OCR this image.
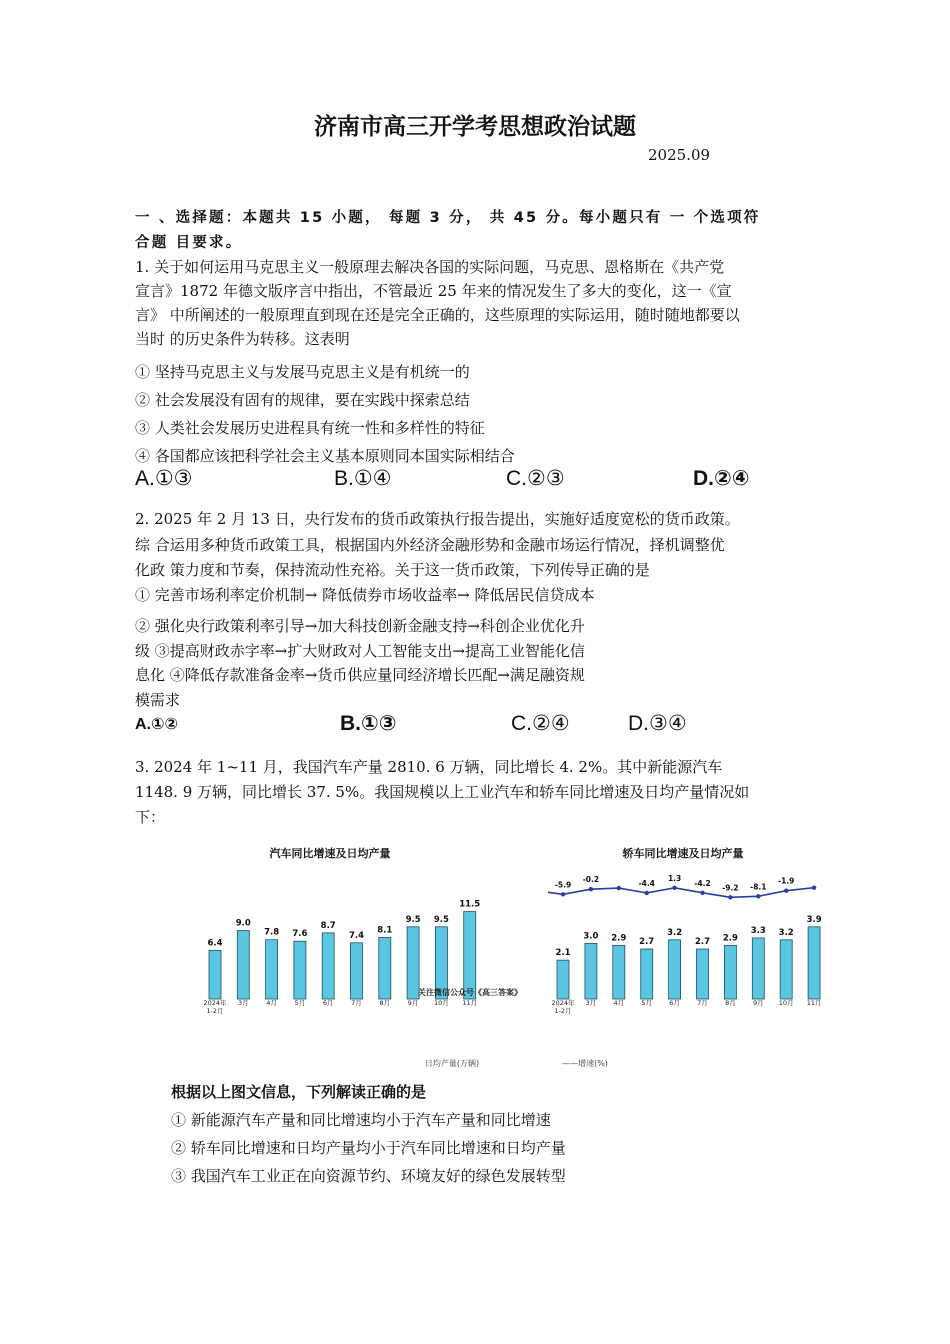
济南市高三开学考思想政治试题
2025.09
一 、选择题：本题共 15 小题， 每题 3 分， 共 45 分。每小题只有 一 个选项符
合题 目要求。
1. 关于如何运用马克思主义一般原理去解决各国的实际问题，马克思、恩格斯在《共产党
宣言》1872 年德文版序言中指出，不管最近 25 年来的情况发生了多大的变化，这一《宣
言》 中所阐述的一般原理直到现在还是完全正确的，这些原理的实际运用，随时随地都要以
当时 的历史条件为转移。这表明
① 坚持马克思主义与发展马克思主义是有机统一的
② 社会发展没有固有的规律，要在实践中探索总结
③ 人类社会发展历史进程具有统一性和多样性的特征
④ 各国都应该把科学社会主义基本原则同本国实际相结合
A.①③	B.①④	C.②③	D.②④
2. 2025 年 2 月 13 日，央行发布的货币政策执行报告提出，实施好适度宽松的货币政策。
综 合运用多种货币政策工具，根据国内外经济金融形势和金融市场运行情况，择机调整优
化政 策力度和节奏，保持流动性充裕。关于这一货币政策，下列传导正确的是
① 完善市场利率定价机制→ 降低债券市场收益率→ 降低居民信贷成本
② 强化央行政策利率引导→加大科技创新金融支持→科创企业优化升
级 ③提高财政赤字率→扩大财政对人工智能支出→提高工业智能化信
息化 ④降低存款准备金率→货币供应量同经济增长匹配→满足融资规
模需求
A.①②	B.①③	C.②④	D.③④
3. 2024 年 1~11 月，我国汽车产量 2810. 6 万辆，同比增长 4. 2%。其中新能源汽车
1148. 9 万辆，同比增长 37. 5%。我国规模以上工业汽车和轿车同比增速及日均产量情况如
下：
汽车同比增速及日均产量
6.4
9.0
7.8 7.6
8.7
7.4
8.1
9.5 9.5
11.5
2024年
1-2月
3月	4月	5月	6月	7月	8月	9月 10月 11月
关注微信公众号《高三答案》
轿车同比增速及日均产量
2.1
3.0 2.9 2.7
3.2
2.7 2.9
3.3 3.2
3.9
-5.9
-0.2	-4.4
1.3
-4.2 -9.2 -8.1
-1.9
2024年
1-2月
3月	4月	5月	6月	7月	8月	9月 10月 11月
日均产量(万辆)	——增速(%)
根据以上图文信息，下列解读正确的是
① 新能源汽车产量和同比增速均小于汽车产量和同比增速
② 轿车同比增速和日均产量均小于汽车同比增速和日均产量
③ 我国汽车工业正在向资源节约、环境友好的绿色发展转型
